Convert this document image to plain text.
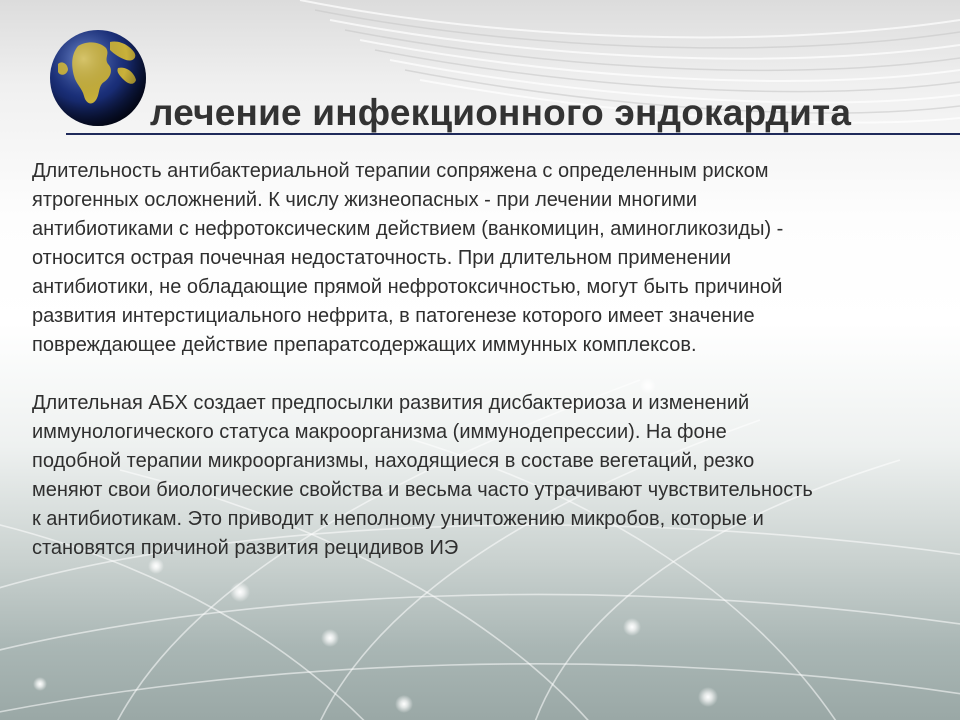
лечение инфекционного эндокардита

Длительность антибактериальной терапии сопряжена с определенным риском
ятрогенных осложнений. К числу жизнеопасных - при лечении многими
антибиотиками с нефротоксическим действием (ванкомицин, аминогликозиды) -
относится острая почечная недостаточность. При длительном применении
антибиотики, не обладающие прямой нефротоксичностью, могут быть причиной
развития интерстициального нефрита, в патогенезе которого имеет значение
повреждающее действие препаратсодержащих иммунных комплексов.

Длительная АБХ создает предпосылки развития дисбактериоза и изменений
иммунологического статуса макроорганизма (иммунодепрессии). На фоне
подобной терапии микроорганизмы, находящиеся в составе вегетаций, резко
меняют свои биологические свойства и весьма часто утрачивают чувствительность
к антибиотикам. Это приводит к неполному уничтожению микробов, которые и
становятся причиной развития рецидивов ИЭ
